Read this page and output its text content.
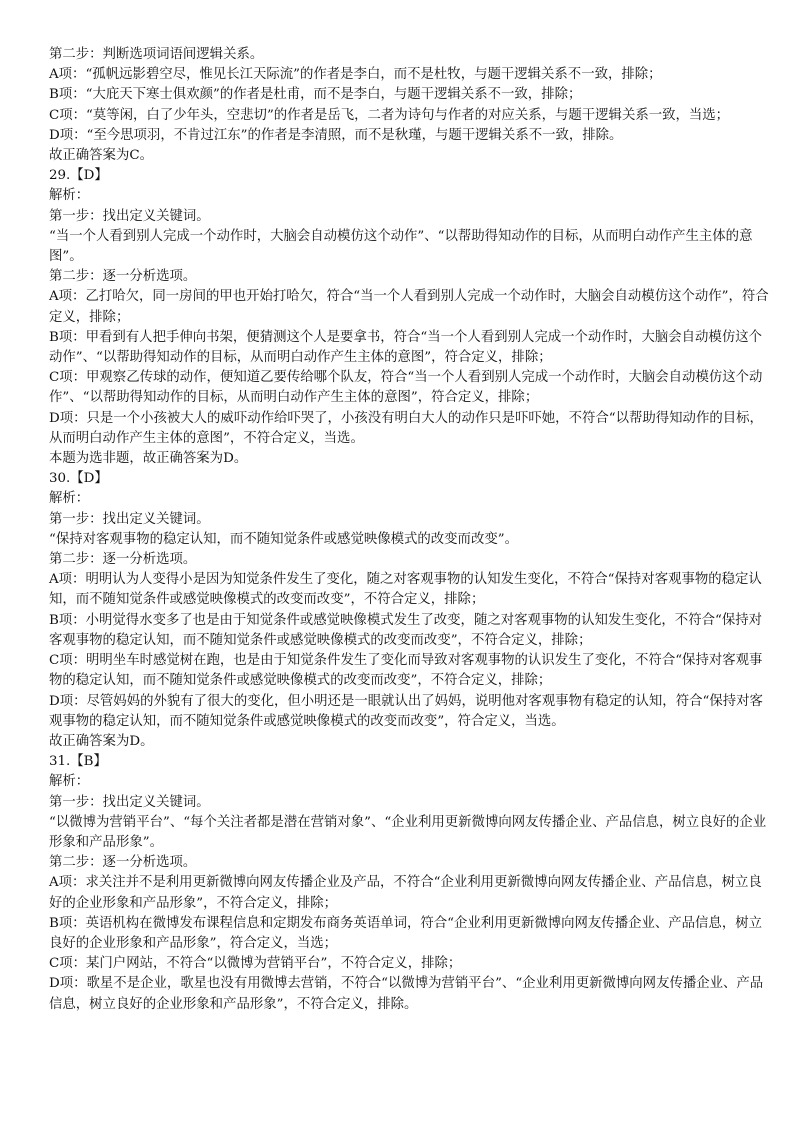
第二步：判断选项词语间逻辑关系。

A项：“孤帆远影碧空尽，惟见长江天际流”的作者是李白，而不是杜牧，与题干逻辑关系不一致，排除；

B项：“大庇天下寒士俱欢颜”的作者是杜甫，而不是李白，与题干逻辑关系不一致，排除；

C项：“莫等闲，白了少年头，空悲切”的作者是岳飞，二者为诗句与作者的对应关系，与题干逻辑关系一致，当选；

D项：“至今思项羽，不肯过江东”的作者是李清照，而不是秋瑾，与题干逻辑关系不一致，排除。

故正确答案为C。

29.【D】

解析：

第一步：找出定义关键词。

“当一个人看到别人完成一个动作时，大脑会自动模仿这个动作”、“以帮助得知动作的目标，从而明白动作产生主体的意图”。

第二步：逐一分析选项。

A项：乙打哈欠，同一房间的甲也开始打哈欠，符合“当一个人看到别人完成一个动作时，大脑会自动模仿这个动作”，符合定义，排除；

B项：甲看到有人把手伸向书架，便猜测这个人是要拿书，符合“当一个人看到别人完成一个动作时，大脑会自动模仿这个动作”、“以帮助得知动作的目标，从而明白动作产生主体的意图”，符合定义，排除；

C项：甲观察乙传球的动作，便知道乙要传给哪个队友，符合“当一个人看到别人完成一个动作时，大脑会自动模仿这个动作”、“以帮助得知动作的目标，从而明白动作产生主体的意图”，符合定义，排除；

D项：只是一个小孩被大人的威吓动作给吓哭了，小孩没有明白大人的动作只是吓吓她，不符合“以帮助得知动作的目标，从而明白动作产生主体的意图”，不符合定义，当选。

本题为选非题，故正确答案为D。

30.【D】

解析：

第一步：找出定义关键词。

“保持对客观事物的稳定认知，而不随知觉条件或感觉映像模式的改变而改变”。

第二步：逐一分析选项。

A项：明明认为人变得小是因为知觉条件发生了变化，随之对客观事物的认知发生变化，不符合“保持对客观事物的稳定认知，而不随知觉条件或感觉映像模式的改变而改变”，不符合定义，排除；

B项：小明觉得水变多了也是由于知觉条件或感觉映像模式发生了改变，随之对客观事物的认知发生变化，不符合“保持对客观事物的稳定认知，而不随知觉条件或感觉映像模式的改变而改变”，不符合定义，排除；

C项：明明坐车时感觉树在跑，也是由于知觉条件发生了变化而导致对客观事物的认识发生了变化，不符合“保持对客观事物的稳定认知，而不随知觉条件或感觉映像模式的改变而改变”，不符合定义，排除；

D项：尽管妈妈的外貌有了很大的变化，但小明还是一眼就认出了妈妈，说明他对客观事物有稳定的认知，符合“保持对客观事物的稳定认知，而不随知觉条件或感觉映像模式的改变而改变”，符合定义，当选。

故正确答案为D。

31.【B】

解析：

第一步：找出定义关键词。

“以微博为营销平台”、“每个关注者都是潜在营销对象”、“企业利用更新微博向网友传播企业、产品信息，树立良好的企业形象和产品形象”。

第二步：逐一分析选项。

A项：求关注并不是利用更新微博向网友传播企业及产品，不符合“企业利用更新微博向网友传播企业、产品信息，树立良好的企业形象和产品形象”，不符合定义，排除；

B项：英语机构在微博发布课程信息和定期发布商务英语单词，符合“企业利用更新微博向网友传播企业、产品信息，树立良好的企业形象和产品形象”，符合定义，当选；

C项：某门户网站，不符合“以微博为营销平台”，不符合定义，排除；

D项：歌星不是企业，歌星也没有用微博去营销，不符合“以微博为营销平台”、“企业利用更新微博向网友传播企业、产品信息，树立良好的企业形象和产品形象”，不符合定义，排除。
